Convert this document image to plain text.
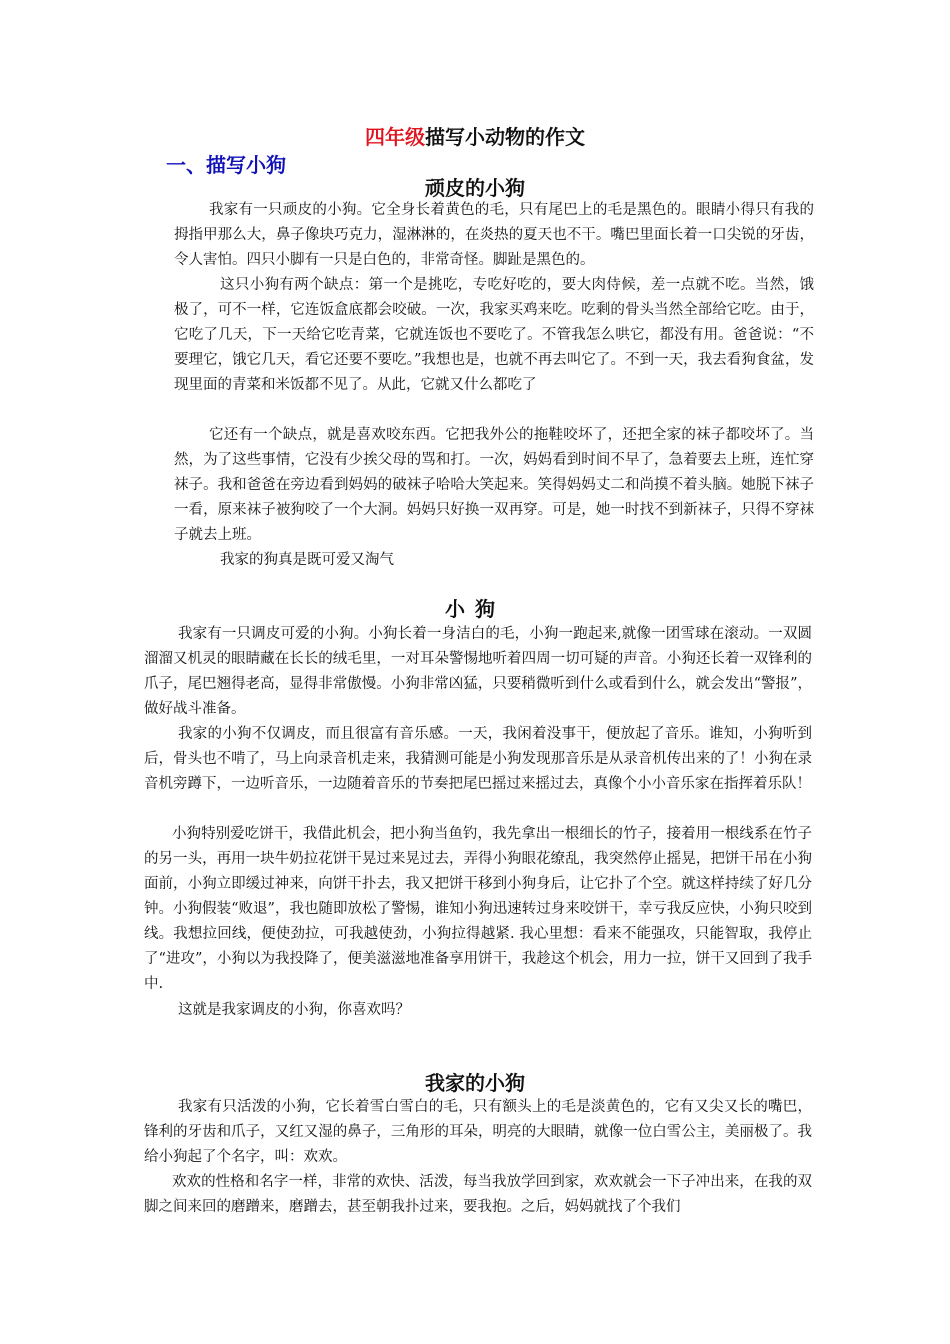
四年级描写小动物的作文
一、描写小狗
顽皮的小狗

我家有一只顽皮的小狗。它全身长着黄色的毛，只有尾巴上的毛是黑色的。眼睛小得只有我的拇指甲那么大，鼻子像块巧克力，湿淋淋的，在炎热的夏天也不干。嘴巴里面长着一口尖锐的牙齿，令人害怕。四只小脚有一只是白色的，非常奇怪。脚趾是黑色的。

这只小狗有两个缺点：第一个是挑吃，专吃好吃的，要大肉侍候，差一点就不吃。当然，饿极了，可不一样，它连饭盒底都会咬破。一次，我家买鸡来吃。吃剩的骨头当然全部给它吃。由于，它吃了几天，下一天给它吃青菜，它就连饭也不要吃了。不管我怎么哄它，都没有用。爸爸说：“不要理它，饿它几天，看它还要不要吃。”我想也是，也就不再去叫它了。不到一天，我去看狗食盆，发现里面的青菜和米饭都不见了。从此，它就又什么都吃了

它还有一个缺点，就是喜欢咬东西。它把我外公的拖鞋咬坏了，还把全家的袜子都咬坏了。当然，为了这些事情，它没有少挨父母的骂和打。一次，妈妈看到时间不早了，急着要去上班，连忙穿袜子。我和爸爸在旁边看到妈妈的破袜子哈哈大笑起来。笑得妈妈丈二和尚摸不着头脑。她脱下袜子一看，原来袜子被狗咬了一个大洞。妈妈只好换一双再穿。可是，她一时找不到新袜子，只得不穿袜子就去上班。

我家的狗真是既可爱又淘气

小狗

我家有一只调皮可爱的小狗。小狗长着一身洁白的毛，小狗一跑起来,就像一团雪球在滚动。一双圆溜溜又机灵的眼睛藏在长长的绒毛里，一对耳朵警惕地听着四周一切可疑的声音。小狗还长着一双锋利的爪子，尾巴翘得老高，显得非常傲慢。小狗非常凶猛，只要稍微听到什么或看到什么，就会发出“警报”，做好战斗准备。

我家的小狗不仅调皮，而且很富有音乐感。一天，我闲着没事干，便放起了音乐。谁知，小狗听到后，骨头也不啃了，马上向录音机走来，我猜测可能是小狗发现那音乐是从录音机传出来的了！小狗在录音机旁蹲下，一边听音乐，一边随着音乐的节奏把尾巴摇过来摇过去，真像个小小音乐家在指挥着乐队！

小狗特别爱吃饼干，我借此机会，把小狗当鱼钓，我先拿出一根细长的竹子，接着用一根线系在竹子的另一头，再用一块牛奶拉花饼干晃过来晃过去，弄得小狗眼花缭乱，我突然停止摇晃，把饼干吊在小狗面前，小狗立即缓过神来，向饼干扑去，我又把饼干移到小狗身后，让它扑了个空。就这样持续了好几分钟。小狗假装“败退”，我也随即放松了警惕，谁知小狗迅速转过身来咬饼干，幸亏我反应快，小狗只咬到线。我想拉回线，便使劲拉，可我越使劲，小狗拉得越紧. 我心里想：看来不能强攻，只能智取，我停止了“进攻”，小狗以为我投降了，便美滋滋地准备享用饼干，我趁这个机会，用力一拉，饼干又回到了我手中.

这就是我家调皮的小狗，你喜欢吗？

我家的小狗

我家有只活泼的小狗，它长着雪白雪白的毛，只有额头上的毛是淡黄色的，它有又尖又长的嘴巴，锋利的牙齿和爪子，又红又湿的鼻子，三角形的耳朵，明亮的大眼睛，就像一位白雪公主，美丽极了。我给小狗起了个名字，叫：欢欢。

欢欢的性格和名字一样，非常的欢快、活泼，每当我放学回到家，欢欢就会一下子冲出来，在我的双脚之间来回的磨蹭来，磨蹭去，甚至朝我扑过来，要我抱。之后，妈妈就找了个我们
